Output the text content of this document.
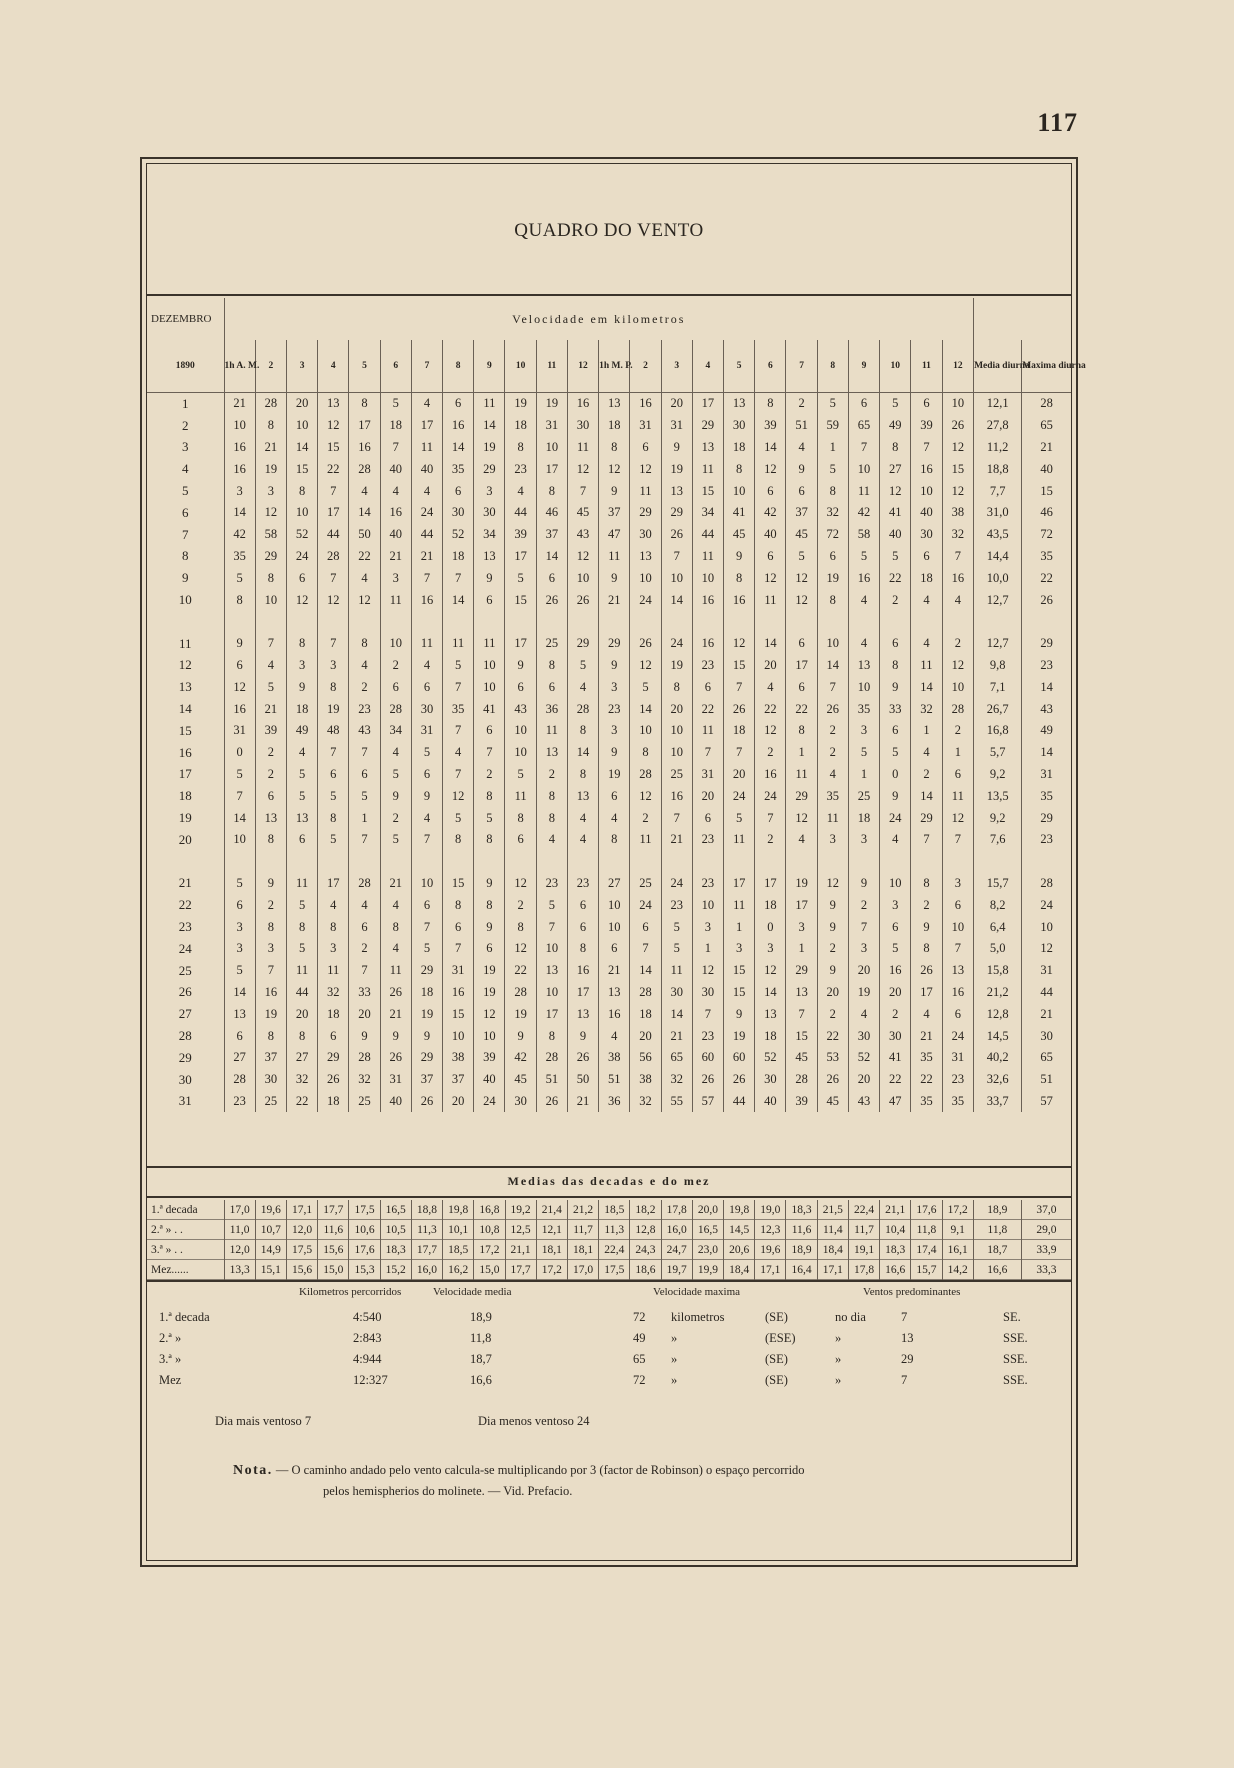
117
QUADRO DO VENTO
DEZEMBRO	Velocidade em kilometros																									
1890	1h A. M.	2	3	4	5	6	7	8	9	10	11	12	1h M. P.	2	3	4	5	6	7	8	9	10	11	12	Media diurna	Maxima diurna
1	21	28	20	13	8	5	4	6	11	19	19	16	13	16	20	17	13	8	2	5	6	5	6	10	12,1	28
2	10	8	10	12	17	18	17	16	14	18	31	30	18	31	31	29	30	39	51	59	65	49	39	26	27,8	65
3	16	21	14	15	16	7	11	14	19	8	10	11	8	6	9	13	18	14	4	1	7	8	7	12	11,2	21
4	16	19	15	22	28	40	40	35	29	23	17	12	12	12	19	11	8	12	9	5	10	27	16	15	18,8	40
5	3	3	8	7	4	4	4	6	3	4	8	7	9	11	13	15	10	6	6	8	11	12	10	12	7,7	15
6	14	12	10	17	14	16	24	30	30	44	46	45	37	29	29	34	41	42	37	32	42	41	40	38	31,0	46
7	42	58	52	44	50	40	44	52	34	39	37	43	47	30	26	44	45	40	45	72	58	40	30	32	43,5	72
8	35	29	24	28	22	21	21	18	13	17	14	12	11	13	7	11	9	6	5	6	5	5	6	7	14,4	35
9	5	8	6	7	4	3	7	7	9	5	6	10	9	10	10	10	8	12	12	19	16	22	18	16	10,0	22
10	8	10	12	12	12	11	16	14	6	15	26	26	21	24	14	16	16	11	12	8	4	2	4	4	12,7	26

11	9	7	8	7	8	10	11	11	11	17	25	29	29	26	24	16	12	14	6	10	4	6	4	2	12,7	29
12	6	4	3	3	4	2	4	5	10	9	8	5	9	12	19	23	15	20	17	14	13	8	11	12	9,8	23
13	12	5	9	8	2	6	6	7	10	6	6	4	3	5	8	6	7	4	6	7	10	9	14	10	7,1	14
14	16	21	18	19	23	28	30	35	41	43	36	28	23	14	20	22	26	22	22	26	35	33	32	28	26,7	43
15	31	39	49	48	43	34	31	7	6	10	11	8	3	10	10	11	18	12	8	2	3	6	1	2	16,8	49
16	0	2	4	7	7	4	5	4	7	10	13	14	9	8	10	7	7	2	1	2	5	5	4	1	5,7	14
17	5	2	5	6	6	5	6	7	2	5	2	8	19	28	25	31	20	16	11	4	1	0	2	6	9,2	31
18	7	6	5	5	5	9	9	12	8	11	8	13	6	12	16	20	24	24	29	35	25	9	14	11	13,5	35
19	14	13	13	8	1	2	4	5	5	8	8	4	4	2	7	6	5	7	12	11	18	24	29	12	9,2	29
20	10	8	6	5	7	5	7	8	8	6	4	4	8	11	21	23	11	2	4	3	3	4	7	7	7,6	23

21	5	9	11	17	28	21	10	15	9	12	23	23	27	25	24	23	17	17	19	12	9	10	8	3	15,7	28
22	6	2	5	4	4	4	6	8	8	2	5	6	10	24	23	10	11	18	17	9	2	3	2	6	8,2	24
23	3	8	8	8	6	8	7	6	9	8	7	6	10	6	5	3	1	0	3	9	7	6	9	10	6,4	10
24	3	3	5	3	2	4	5	7	6	12	10	8	6	7	5	1	3	3	1	2	3	5	8	7	5,0	12
25	5	7	11	11	7	11	29	31	19	22	13	16	21	14	11	12	15	12	29	9	20	16	26	13	15,8	31
26	14	16	44	32	33	26	18	16	19	28	10	17	13	28	30	30	15	14	13	20	19	20	17	16	21,2	44
27	13	19	20	18	20	21	19	15	12	19	17	13	16	18	14	7	9	13	7	2	4	2	4	6	12,8	21
28	6	8	8	6	9	9	9	10	10	9	8	9	4	20	21	23	19	18	15	22	30	30	21	24	14,5	30
29	27	37	27	29	28	26	29	38	39	42	28	26	38	56	65	60	60	52	45	53	52	41	35	31	40,2	65
30	28	30	32	26	32	31	37	37	40	45	51	50	51	38	32	26	26	30	28	26	20	22	22	23	32,6	51
31	23	25	22	18	25	40	26	20	24	30	26	21	36	32	55	57	44	40	39	45	43	47	35	35	33,7	57
Medias das decadas e do mez
1.ª decada	17,0	19,6	17,1	17,7	17,5	16,5	18,8	19,8	16,8	19,2	21,4	21,2	18,5	18,2	17,8	20,0	19,8	19,0	18,3	21,5	22,4	21,1	17,6	17,2	18,9	37,0
2.ª » . .	11,0	10,7	12,0	11,6	10,6	10,5	11,3	10,1	10,8	12,5	12,1	11,7	11,3	12,8	16,0	16,5	14,5	12,3	11,6	11,4	11,7	10,4	11,8	9,1	11,8	29,0
3.ª » . .	12,0	14,9	17,5	15,6	17,6	18,3	17,7	18,5	17,2	21,1	18,1	18,1	22,4	24,3	24,7	23,0	20,6	19,6	18,9	18,4	19,1	18,3	17,4	16,1	18,7	33,9
Mez......	13,3	15,1	15,6	15,0	15,3	15,2	16,0	16,2	15,0	17,7	17,2	17,0	17,5	18,6	19,7	19,9	18,4	17,1	16,4	17,1	17,8	16,6	15,7	14,2	16,6	33,3
Kilometros percorridos	Velocidade media	Velocidade maxima	Ventos predominantes
1.ª decada	4:540	18,9	72 kilometros	(SE)	no dia	7	SE.
2.ª »	2:843	11,8	49 »	(ESE)	»	13	SSE.
3.ª »	4:944	18,7	65 »	(SE)	»	29	SSE.
Mez	12:327	16,6	72 »	(SE)	»	7	SSE.
Dia mais ventoso 7	Dia menos ventoso 24
Nota. — O caminho andado pelo vento calcula-se multiplicando por 3 (factor de Robinson) o espaço percorrido
pelos hemispherios do molinete. — Vid. Prefacio.
